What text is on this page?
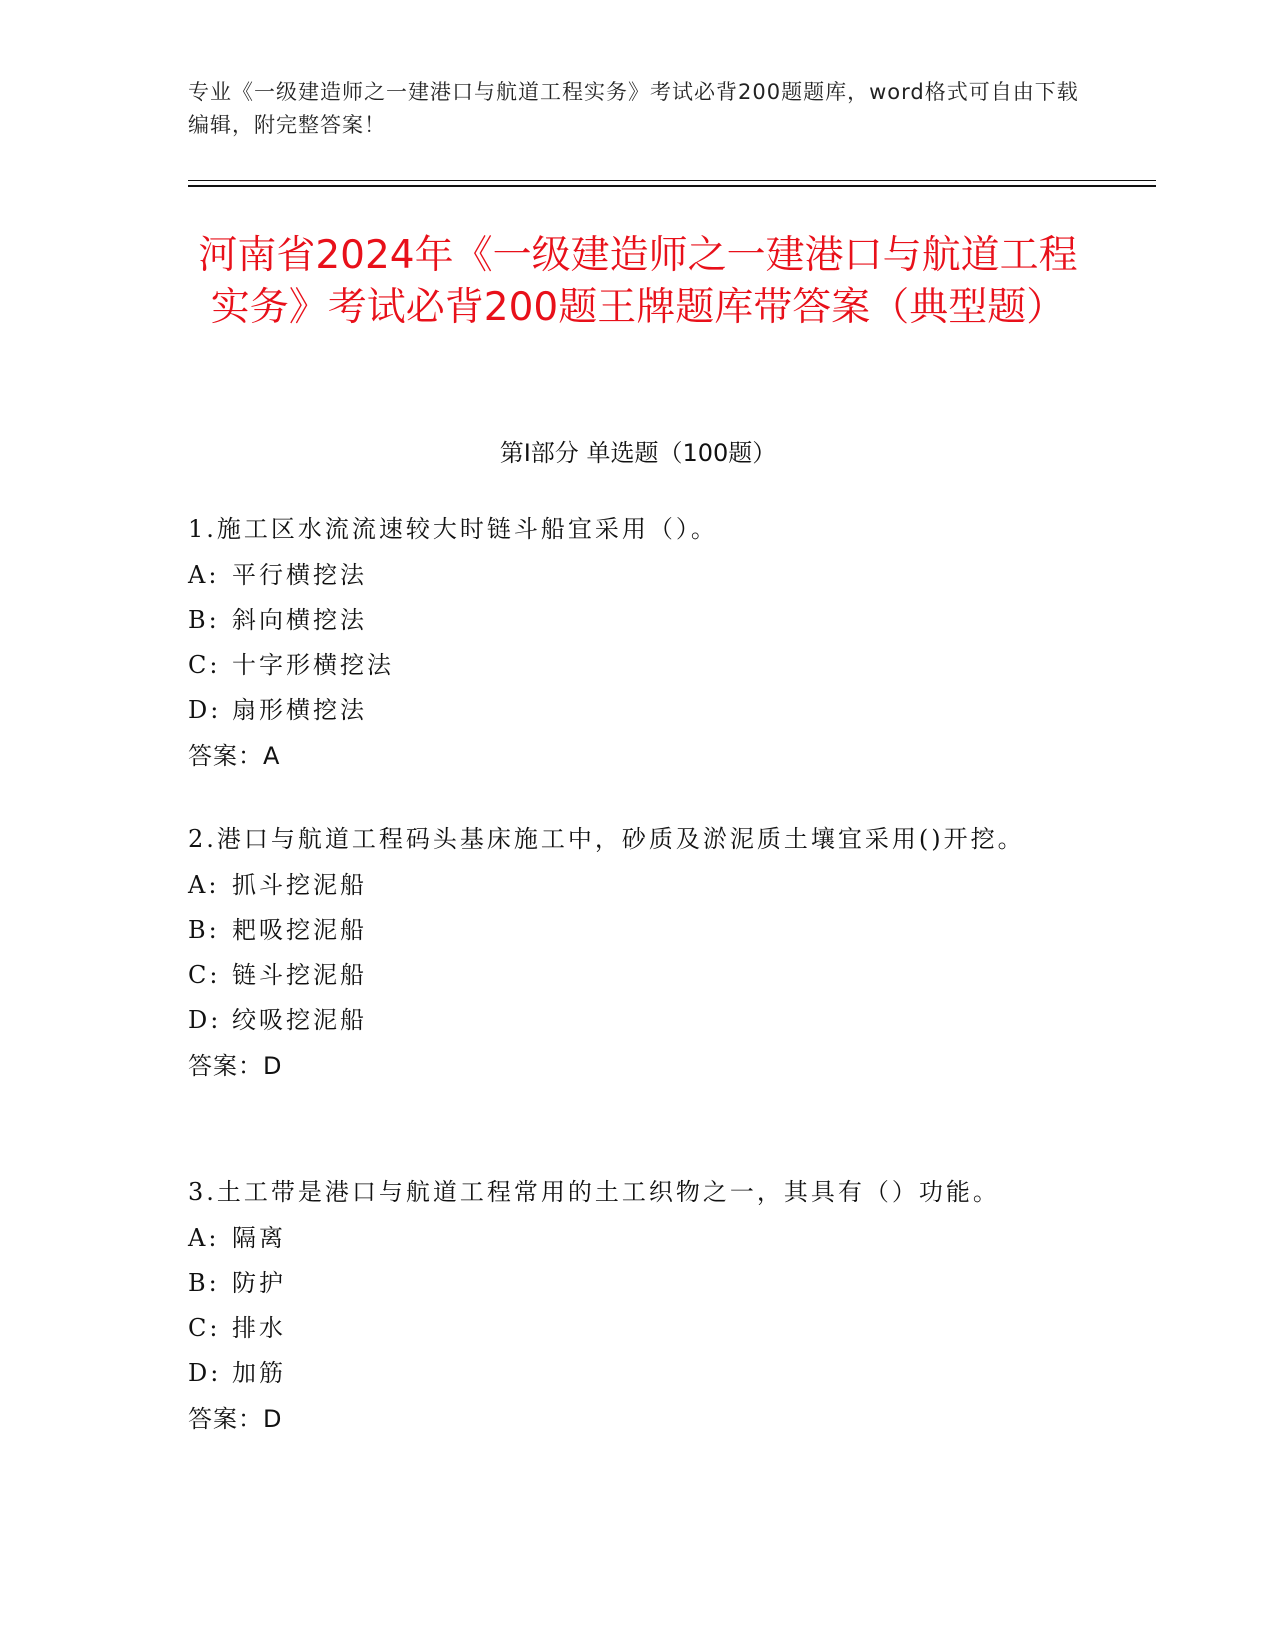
专业《一级建造师之一建港口与航道工程实务》考试必背200题题库，word格式可自由下载编辑，附完整答案！
河南省2024年《一级建造师之一建港口与航道工程实务》考试必背200题王牌题库带答案（典型题）
第I部分 单选题（100题）

1.施工区水流流速较大时链斗船宜采用（）。

A: 平行横挖法
B: 斜向横挖法
C: 十字形横挖法
D: 扇形横挖法
答案：A

2.港口与航道工程码头基床施工中，砂质及淤泥质土壤宜采用()开挖。

A: 抓斗挖泥船
B: 耙吸挖泥船
C: 链斗挖泥船
D: 绞吸挖泥船
答案：D

3.土工带是港口与航道工程常用的土工织物之一，其具有（）功能。

A: 隔离
B: 防护
C: 排水
D: 加筋
答案：D
